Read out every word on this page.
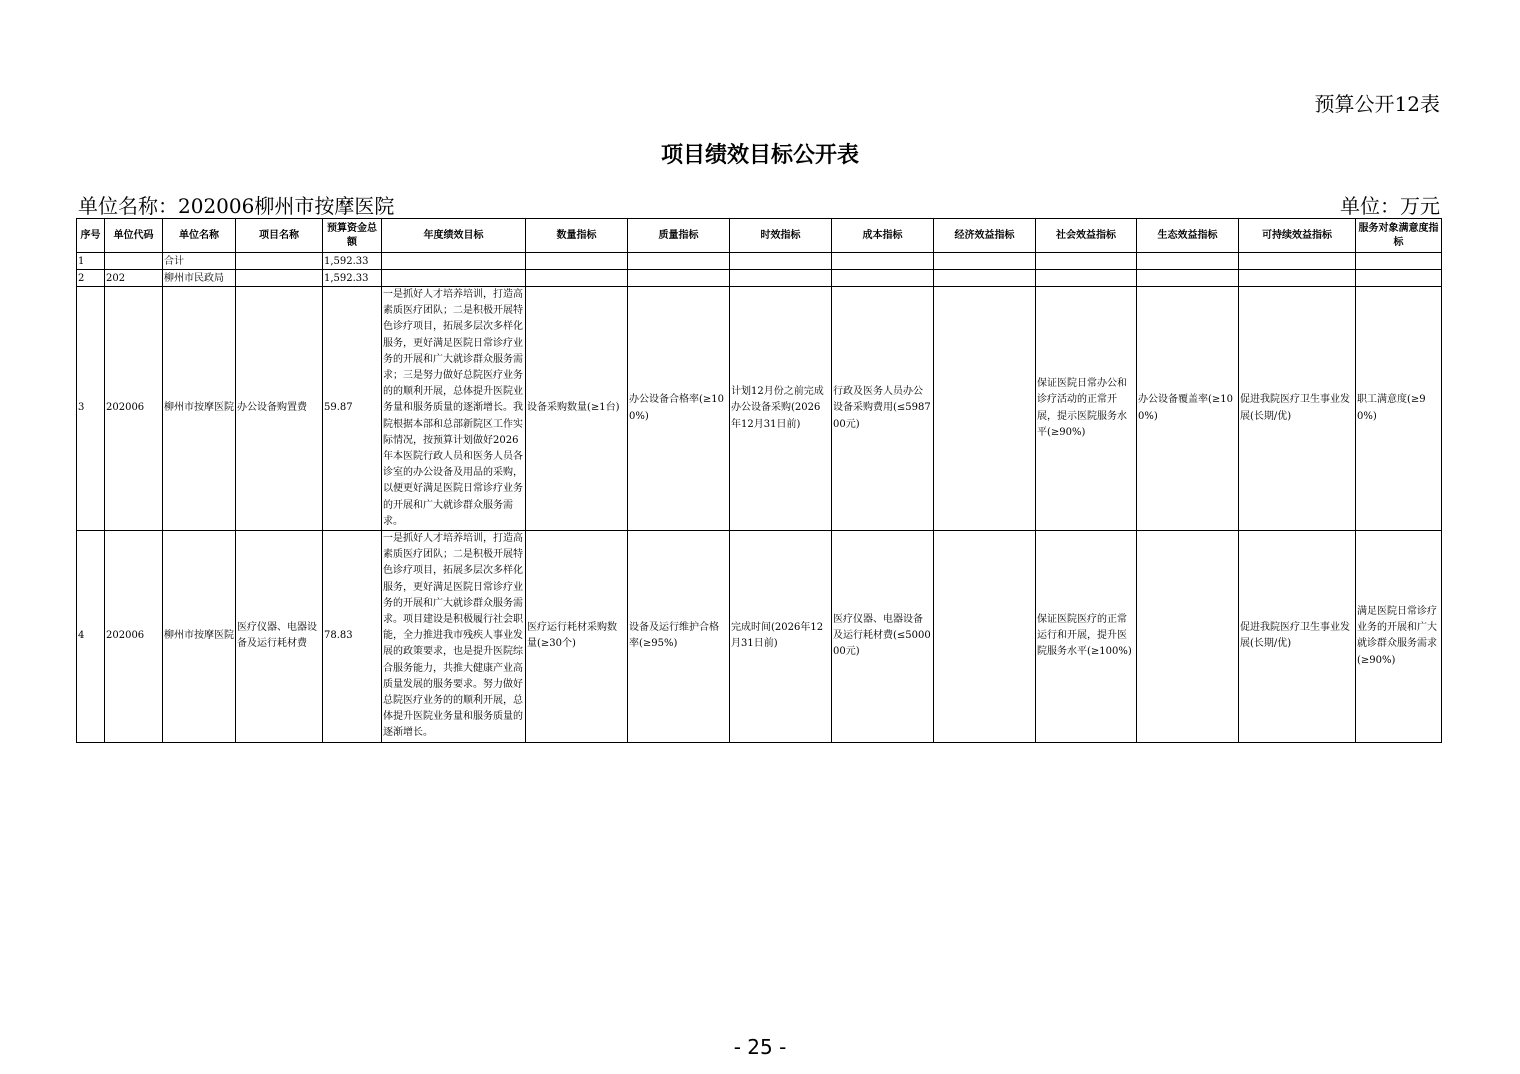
预算公开12表
项目绩效目标公开表
单位名称：202006柳州市按摩医院	单位：万元
序号	单位代码	单位名称	项目名称	预算资金总额	年度绩效目标	数量指标	质量指标	时效指标	成本指标	经济效益指标	社会效益指标	生态效益指标	可持续效益指标	服务对象满意度指标
1		合计		1,592.33										
2	202	柳州市民政局		1,592.33										
3	202006	柳州市按摩医院	办公设备购置费	59.87	一是抓好人才培养培训，打造高素质医疗团队；二是积极开展特色诊疗项目，拓展多层次多样化服务，更好满足医院日常诊疗业务的开展和广大就诊群众服务需求；三是努力做好总院医疗业务的的顺利开展，总体提升医院业务量和服务质量的逐渐增长。我院根据本部和总部新院区工作实际情况，按预算计划做好2026年本医院行政人员和医务人员各诊室的办公设备及用品的采购，以便更好满足医院日常诊疗业务的开展和广大就诊群众服务需求。	设备采购数量(≥1台)	办公设备合格率(≥100%)	计划12月份之前完成办公设备采购(2026年12月31日前)	行政及医务人员办公设备采购费用(≤598700元)		保证医院日常办公和诊疗活动的正常开展，提示医院服务水平(≥90%)	办公设备覆盖率(≥100%)	促进我院医疗卫生事业发展(长期/优)	职工满意度(≥90%)
4	202006	柳州市按摩医院	医疗仪器、电器设备及运行耗材费	78.83	一是抓好人才培养培训，打造高素质医疗团队；二是积极开展特色诊疗项目，拓展多层次多样化服务，更好满足医院日常诊疗业务的开展和广大就诊群众服务需求。项目建设是积极履行社会职能，全力推进我市残疾人事业发展的政策要求，也是提升医院综合服务能力，共推大健康产业高质量发展的服务要求。努力做好总院医疗业务的的顺利开展，总体提升医院业务量和服务质量的逐渐增长。	医疗运行耗材采购数量(≥30个)	设备及运行维护合格率(≥95%)	完成时间(2026年12月31日前)	医疗仪器、电器设备及运行耗材费(≤500000元)		保证医院医疗的正常运行和开展，提升医院服务水平(≥100%)		促进我院医疗卫生事业发展(长期/优)	满足医院日常诊疗业务的开展和广大就诊群众服务需求(≥90%)
- 25 -
